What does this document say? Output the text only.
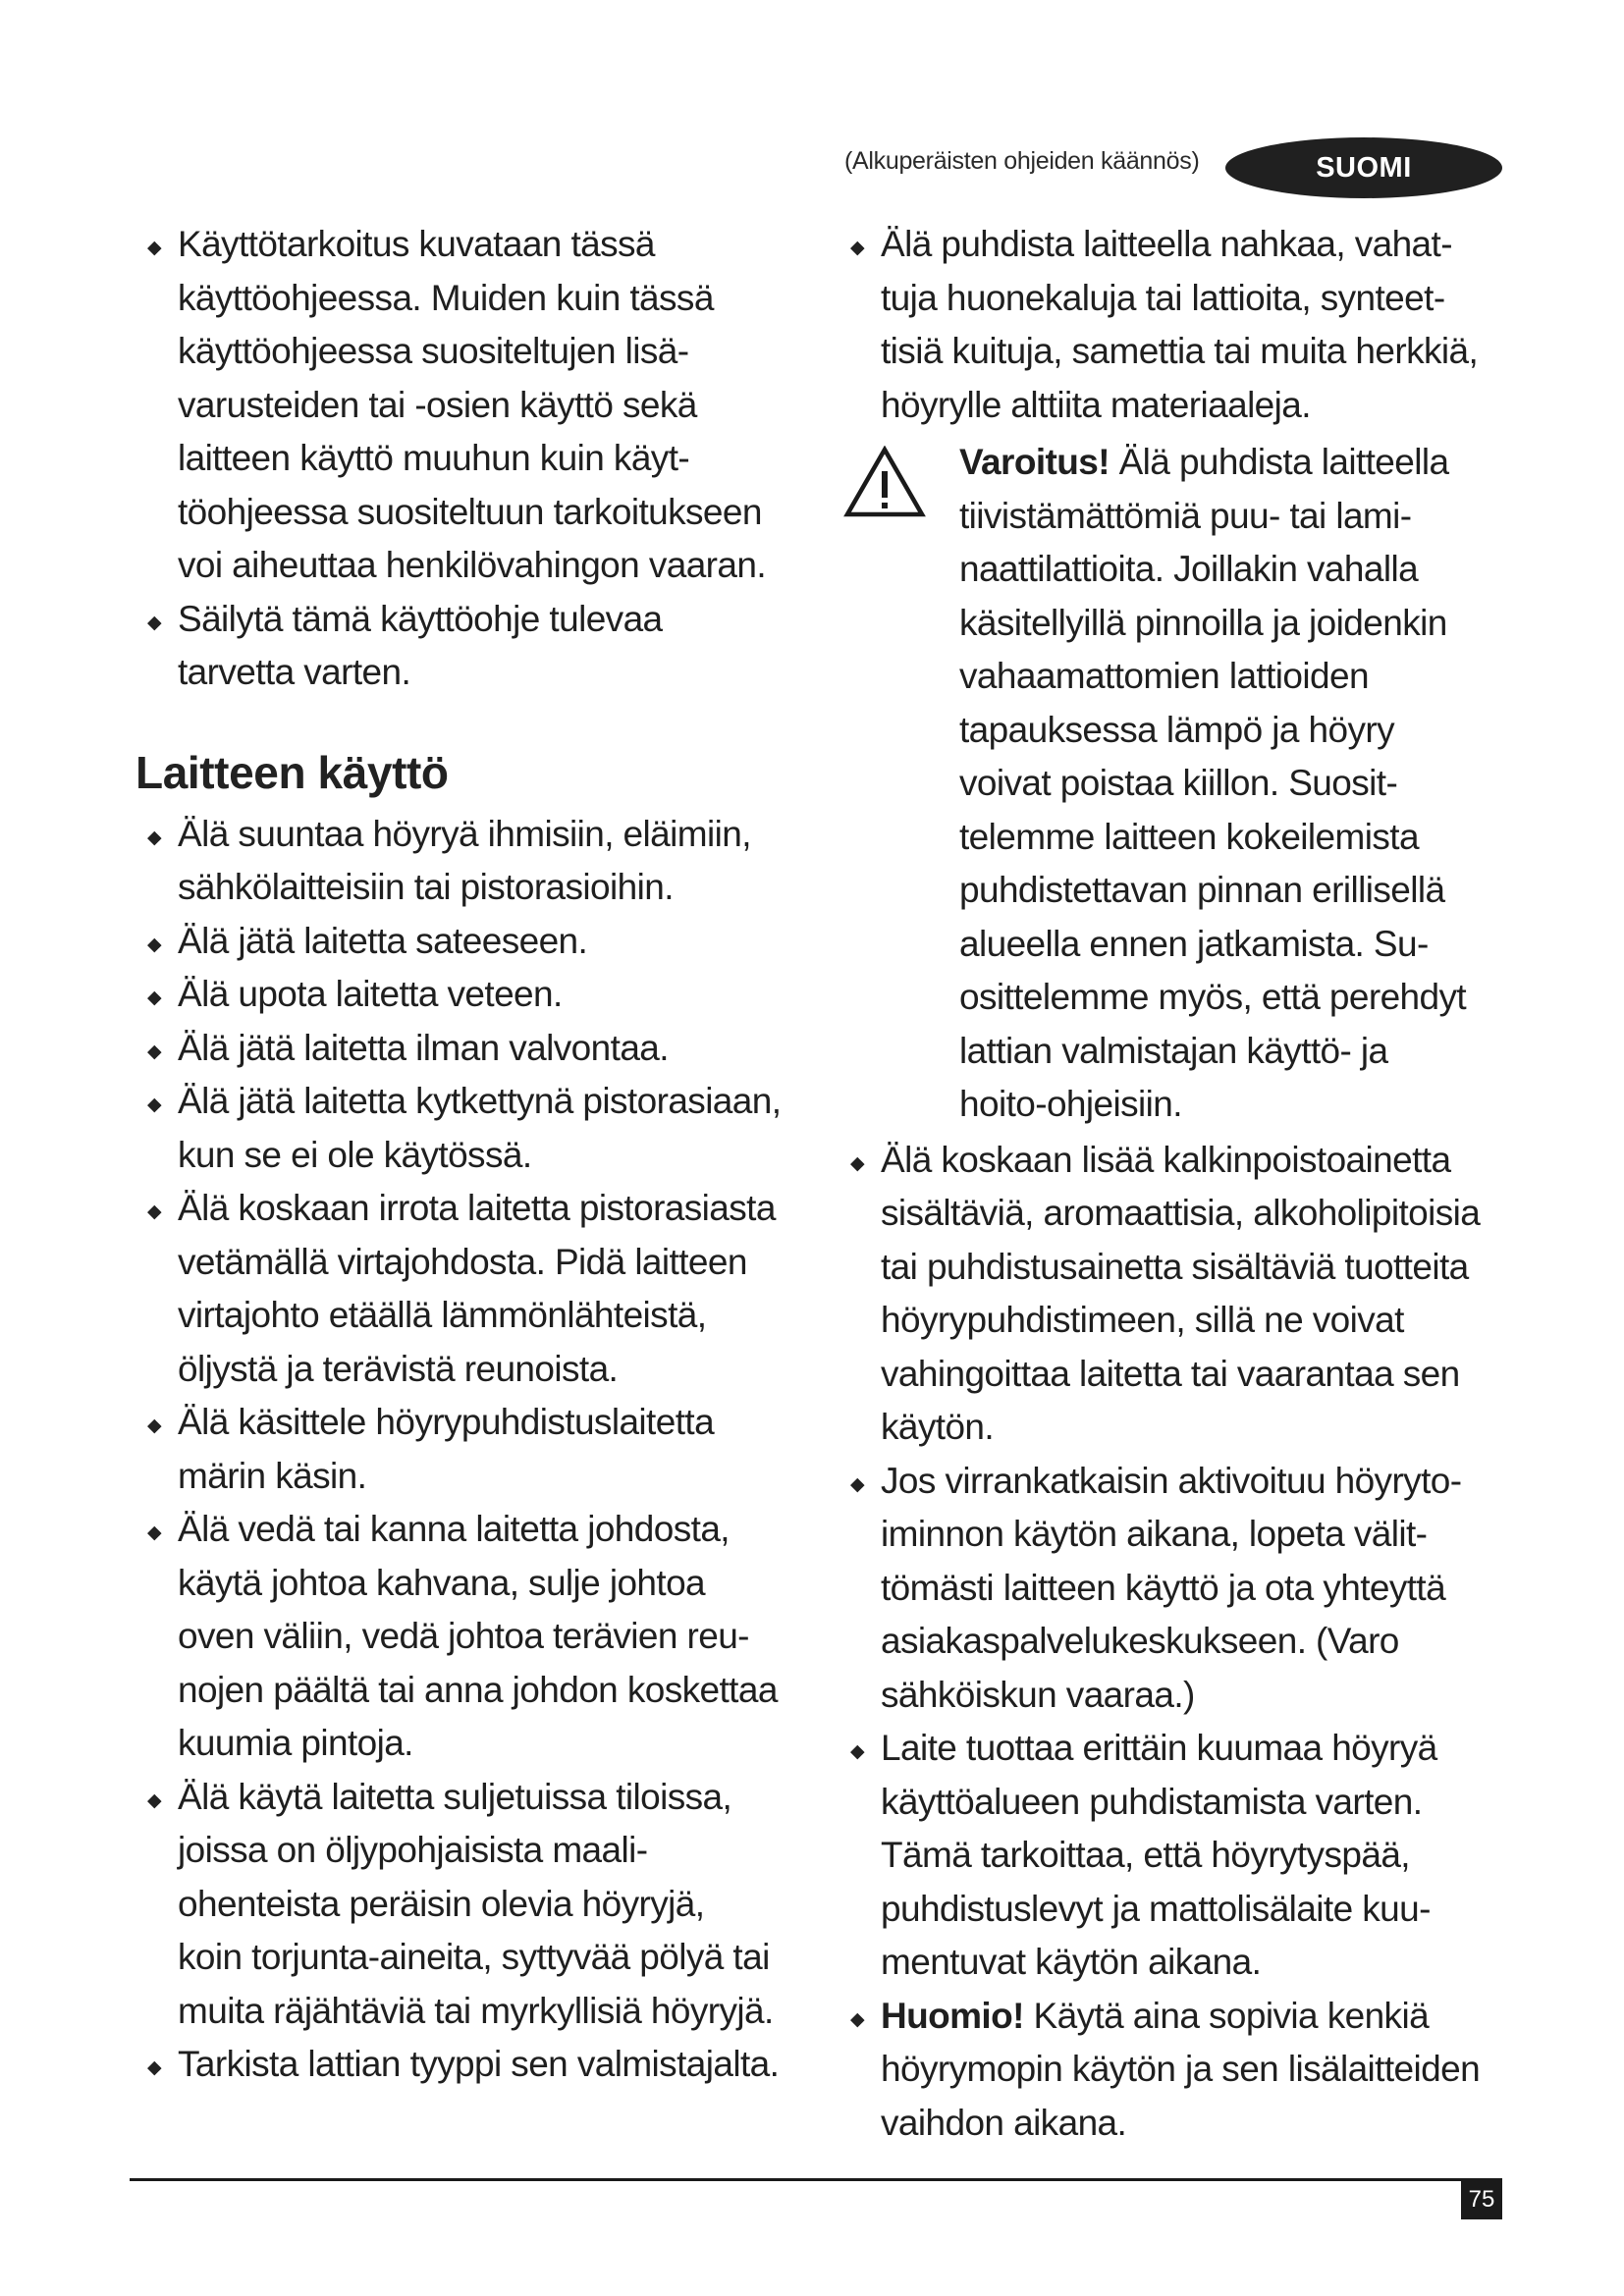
(Alkuperäisten ohjeiden käännös)	SUOMI
◆ Käyttötarkoitus kuvataan tässä
käyttöohjeessa. Muiden kuin tässä
käyttöohjeessa suositeltujen lisä-
varusteiden tai -osien käyttö sekä
laitteen käyttö muuhun kuin käyt-
töohjeessa suositeltuun tarkoitukseen
voi aiheuttaa henkilövahingon vaaran.
◆ Säilytä tämä käyttöohje tulevaa
tarvetta varten.
Laitteen käyttö
◆ Älä suuntaa höyryä ihmisiin, eläimiin,
sähkölaitteisiin tai pistorasioihin.
◆ Älä jätä laitetta sateeseen.
◆ Älä upota laitetta veteen.
◆ Älä jätä laitetta ilman valvontaa.
◆ Älä jätä laitetta kytkettynä pistorasiaan,
kun se ei ole käytössä.
◆ Älä koskaan irrota laitetta pistorasiasta
vetämällä virtajohdosta. Pidä laitteen
virtajohto etäällä lämmönlähteistä,
öljystä ja terävistä reunoista.
◆ Älä käsittele höyrypuhdistuslaitetta
märin käsin.
◆ Älä vedä tai kanna laitetta johdosta,
käytä johtoa kahvana, sulje johtoa
oven väliin, vedä johtoa terävien reu-
nojen päältä tai anna johdon koskettaa
kuumia pintoja.
◆ Älä käytä laitetta suljetuissa tiloissa,
joissa on öljypohjaisista maali-
ohenteista peräisin olevia höyryjä,
koin torjunta-aineita, syttyvää pölyä tai
muita räjähtäviä tai myrkyllisiä höyryjä.
◆ Tarkista lattian tyyppi sen valmistajalta.
◆ Älä puhdista laitteella nahkaa, vahat-
tuja huonekaluja tai lattioita, synteet-
tisiä kuituja, samettia tai muita herkkiä,
höyrylle alttiita materiaaleja.
Varoitus! Älä puhdista laitteella
tiivistämättömiä puu- tai lami-
naattilattioita. Joillakin vahalla
käsitellyillä pinnoilla ja joidenkin
vahaamattomien lattioiden
tapauksessa lämpö ja höyry
voivat poistaa kiillon. Suosit-
telemme laitteen kokeilemista
puhdistettavan pinnan erillisellä
alueella ennen jatkamista. Su-
osittelemme myös, että perehdyt
lattian valmistajan käyttö- ja
hoito-ohjeisiin.
◆ Älä koskaan lisää kalkinpoistoainetta
sisältäviä, aromaattisia, alkoholipitoisia
tai puhdistusainetta sisältäviä tuotteita
höyrypuhdistimeen, sillä ne voivat
vahingoittaa laitetta tai vaarantaa sen
käytön.
◆ Jos virrankatkaisin aktivoituu höyryto-
iminnon käytön aikana, lopeta välit-
tömästi laitteen käyttö ja ota yhteyttä
asiakaspalvelukeskukseen. (Varo
sähköiskun vaaraa.)
◆ Laite tuottaa erittäin kuumaa höyryä
käyttöalueen puhdistamista varten.
Tämä tarkoittaa, että höyrytyspää,
puhdistuslevyt ja mattolisälaite kuu-
mentuvat käytön aikana.
◆ Huomio! Käytä aina sopivia kenkiä
höyrymopin käytön ja sen lisälaitteiden
vaihdon aikana.
75
